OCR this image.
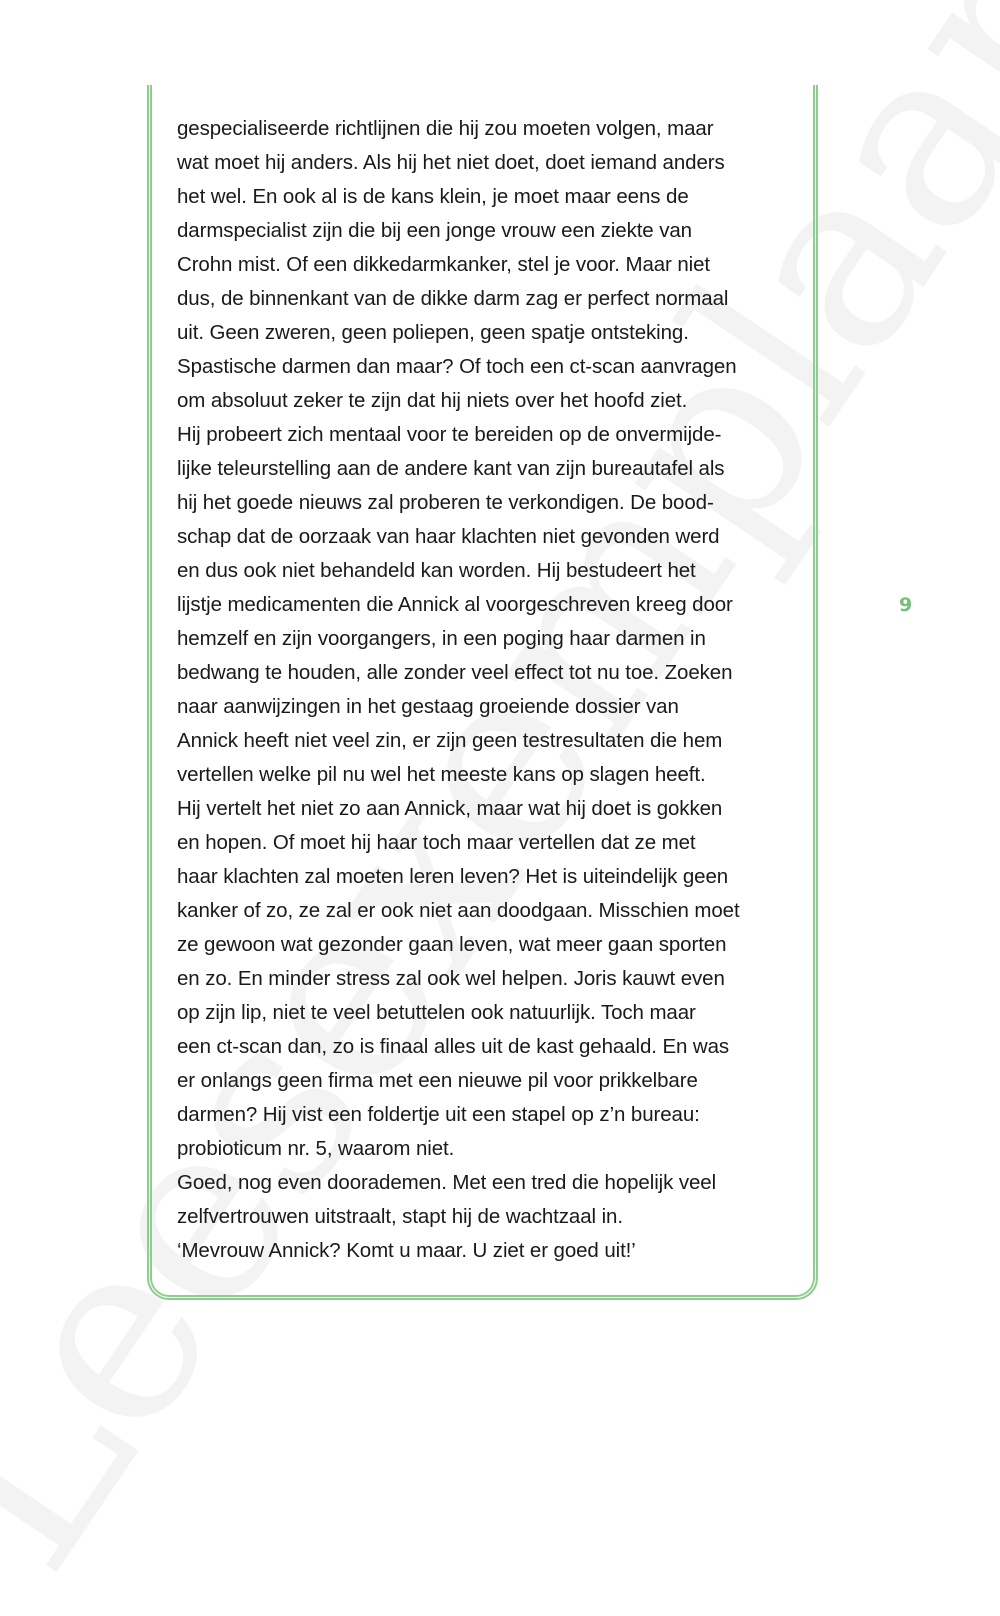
gespecialiseerde richtlijnen die hij zou moeten volgen, maar
wat moet hij anders. Als hij het niet doet, doet iemand anders
het wel. En ook al is de kans klein, je moet maar eens de
darmspecialist zijn die bij een jonge vrouw een ziekte van
Crohn mist. Of een dikkedarmkanker, stel je voor. Maar niet
dus, de binnenkant van de dikke darm zag er perfect normaal
uit. Geen zweren, geen poliepen, geen spatje ontsteking.
Spastische darmen dan maar? Of toch een ct-scan aanvragen
om absoluut zeker te zijn dat hij niets over het hoofd ziet.
Hij probeert zich mentaal voor te bereiden op de onvermijde-
lijke teleurstelling aan de andere kant van zijn bureautafel als
hij het goede nieuws zal proberen te verkondigen. De bood-
schap dat de oorzaak van haar klachten niet gevonden werd
en dus ook niet behandeld kan worden. Hij bestudeert het
lijstje medicamenten die Annick al voorgeschreven kreeg door
hemzelf en zijn voorgangers, in een poging haar darmen in
bedwang te houden, alle zonder veel effect tot nu toe. Zoeken
naar aanwijzingen in het gestaag groeiende dossier van
Annick heeft niet veel zin, er zijn geen testresultaten die hem
vertellen welke pil nu wel het meeste kans op slagen heeft.
Hij vertelt het niet zo aan Annick, maar wat hij doet is gokken
en hopen. Of moet hij haar toch maar vertellen dat ze met
haar klachten zal moeten leren leven? Het is uiteindelijk geen
kanker of zo, ze zal er ook niet aan doodgaan. Misschien moet
ze gewoon wat gezonder gaan leven, wat meer gaan sporten
en zo. En minder stress zal ook wel helpen. Joris kauwt even
op zijn lip, niet te veel betuttelen ook natuurlijk. Toch maar
een ct-scan dan, zo is finaal alles uit de kast gehaald. En was
er onlangs geen firma met een nieuwe pil voor prikkelbare
darmen? Hij vist een foldertje uit een stapel op z’n bureau:
probioticum nr. 5, waarom niet.
Goed, nog even doorademen. Met een tred die hopelijk veel
zelfvertrouwen uitstraalt, stapt hij de wachtzaal in.
‘Mevrouw Annick? Komt u maar. U ziet er goed uit!’
9
